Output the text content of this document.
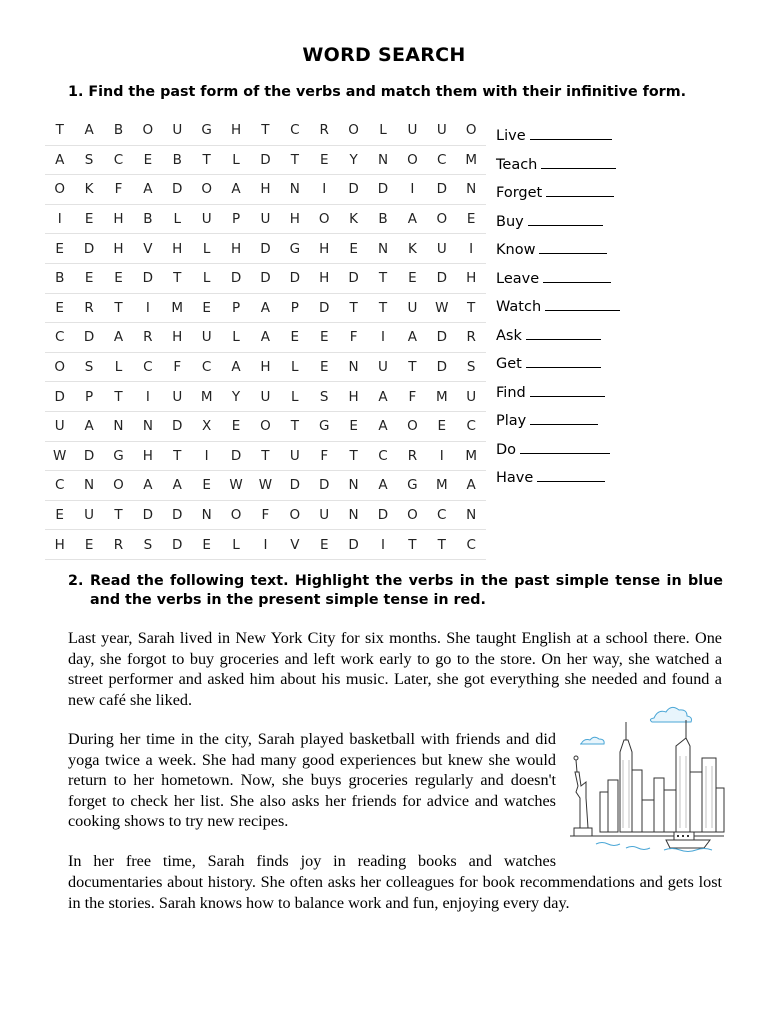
WORD SEARCH
1. Find the past form of the verbs and match them with their infinitive form.
T	A	B	O	U	G	H	T	C	R	O	L	U	U	O
A	S	C	E	B	T	L	D	T	E	Y	N	O	C	M
O	K	F	A	D	O	A	H	N	I	D	D	I	D	N
I	E	H	B	L	U	P	U	H	O	K	B	A	O	E
E	D	H	V	H	L	H	D	G	H	E	N	K	U	I
B	E	E	D	T	L	D	D	D	H	D	T	E	D	H
E	R	T	I	M	E	P	A	P	D	T	T	U	W	T
C	D	A	R	H	U	L	A	E	E	F	I	A	D	R
O	S	L	C	F	C	A	H	L	E	N	U	T	D	S
D	P	T	I	U	M	Y	U	L	S	H	A	F	M	U
U	A	N	N	D	X	E	O	T	G	E	A	O	E	C
W	D	G	H	T	I	D	T	U	F	T	C	R	I	M
C	N	O	A	A	E	W	W	D	D	N	A	G	M	A
E	U	T	D	D	N	O	F	O	U	N	D	O	C	N
H	E	R	S	D	E	L	I	V	E	D	I	T	T	C
Live
Teach
Forget
Buy
Know
Leave
Watch
Ask
Get
Find
Play
Do
Have
2. Read the following text. Highlight the verbs in the past simple tense in blue and the verbs in the present simple tense in red.

Last year, Sarah lived in New York City for six months. She taught English at a school there. One day, she forgot to buy groceries and left work early to go to the store. On her way, she watched a street performer and asked him about his music. Later, she got everything she needed and found a new café she liked.

During her time in the city, Sarah played basketball with friends and did yoga twice a week. She had many good experiences but knew she would return to her hometown. Now, she buys groceries regularly and doesn't forget to check her list. She also asks her friends for advice and watches cooking shows to try new recipes.

In her free time, Sarah finds joy in reading books and watches

documentaries about history. She often asks her colleagues for book recommendations and gets lost in the stories. Sarah knows how to balance work and fun, enjoying every day.
